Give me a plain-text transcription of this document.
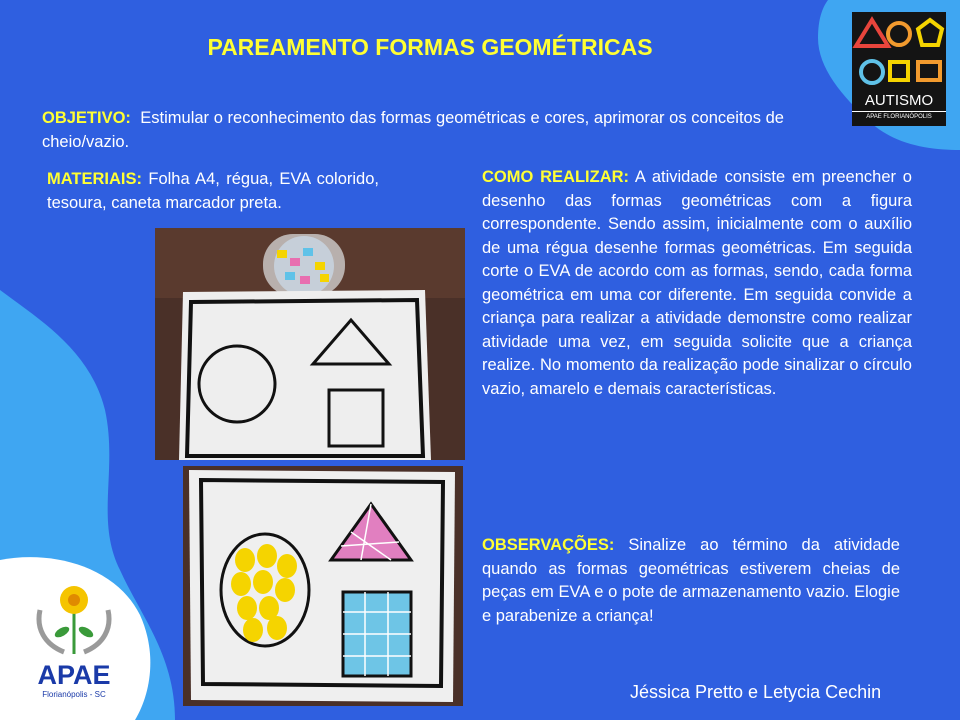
PAREAMENTO FORMAS GEOMÉTRICAS

OBJETIVO: Estimular o reconhecimento das formas geométricas e cores, aprimorar os conceitos de cheio/vazio.

MATERIAIS: Folha A4, régua, EVA colorido, tesoura, caneta marcador preta.

COMO REALIZAR: A atividade consiste em preencher o desenho das formas geométricas com a figura correspondente. Sendo assim, inicialmente com o auxílio de uma régua desenhe formas geométricas. Em seguida corte o EVA de acordo com as formas, sendo, cada forma geométrica em uma cor diferente. Em seguida convide a criança para realizar a atividade demonstre como realizar atividade uma vez, em seguida solicite que a criança realize. No momento da realização pode sinalizar o círculo vazio, amarelo e demais características.

OBSERVAÇÕES: Sinalize ao término da atividade quando as formas geométricas estiverem cheias de peças em EVA e o pote de armazenamento vazio. Elogie e parabenize a criança!

AUTISMO
APAE FLORIANÓPOLIS
APAE
Florianópolis - SC	Jéssica Pretto e Letycia Cechin
